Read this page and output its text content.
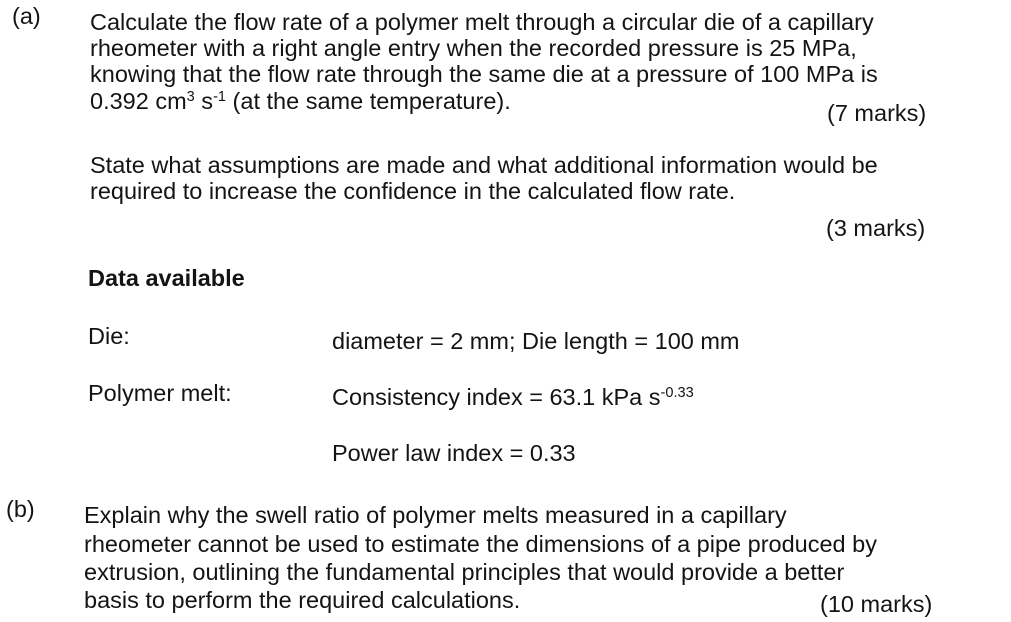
(a) Calculate the flow rate of a polymer melt through a circular die of a capillary
rheometer with a right angle entry when the recorded pressure is 25 MPa,
knowing that the flow rate through the same die at a pressure of 100 MPa is
0.392 $cm^3$ $s^{-1}$ (at the same temperature).	(7 marks)
State what assumptions are made and what additional information would be
required to increase the confidence in the calculated flow rate.
(3 marks)
Data available
Die:	diameter = 2 mm; Die length = 100 mm
Polymer melt:	Consistency index = 63.1 kPa $s^{-0.33}$
Power law index = 0.33
(b) Explain why the swell ratio of polymer melts measured in a capillary
rheometer cannot be used to estimate the dimensions of a pipe produced by
extrusion, outlining the fundamental principles that would provide a better
basis to perform the required calculations.	(10 marks)
